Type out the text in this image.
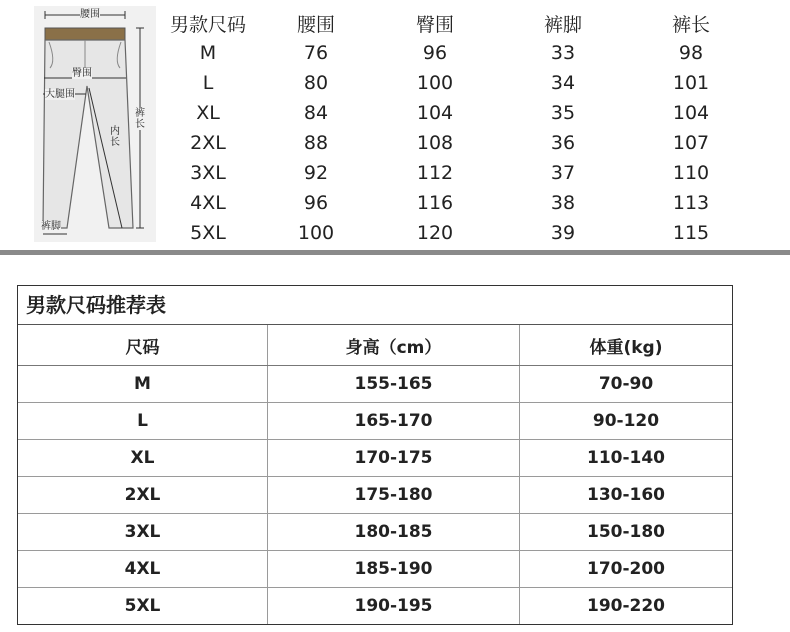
腰围
臀围
大腿围
裤长
内长
裤脚
男款尺码	腰围	臀围	裤脚	裤长
M	76	96	33	98
L	80	100	34	101
XL	84	104	35	104
2XL	88	108	36	107
3XL	92	112	37	110
4XL	96	116	38	113
5XL	100	120	39	115
男款尺码推荐表
尺码	身高（cm）	体重(kg)
M	155-165	70-90
L	165-170	90-120
XL	170-175	110-140
2XL	175-180	130-160
3XL	180-185	150-180
4XL	185-190	170-200
5XL	190-195	190-220
